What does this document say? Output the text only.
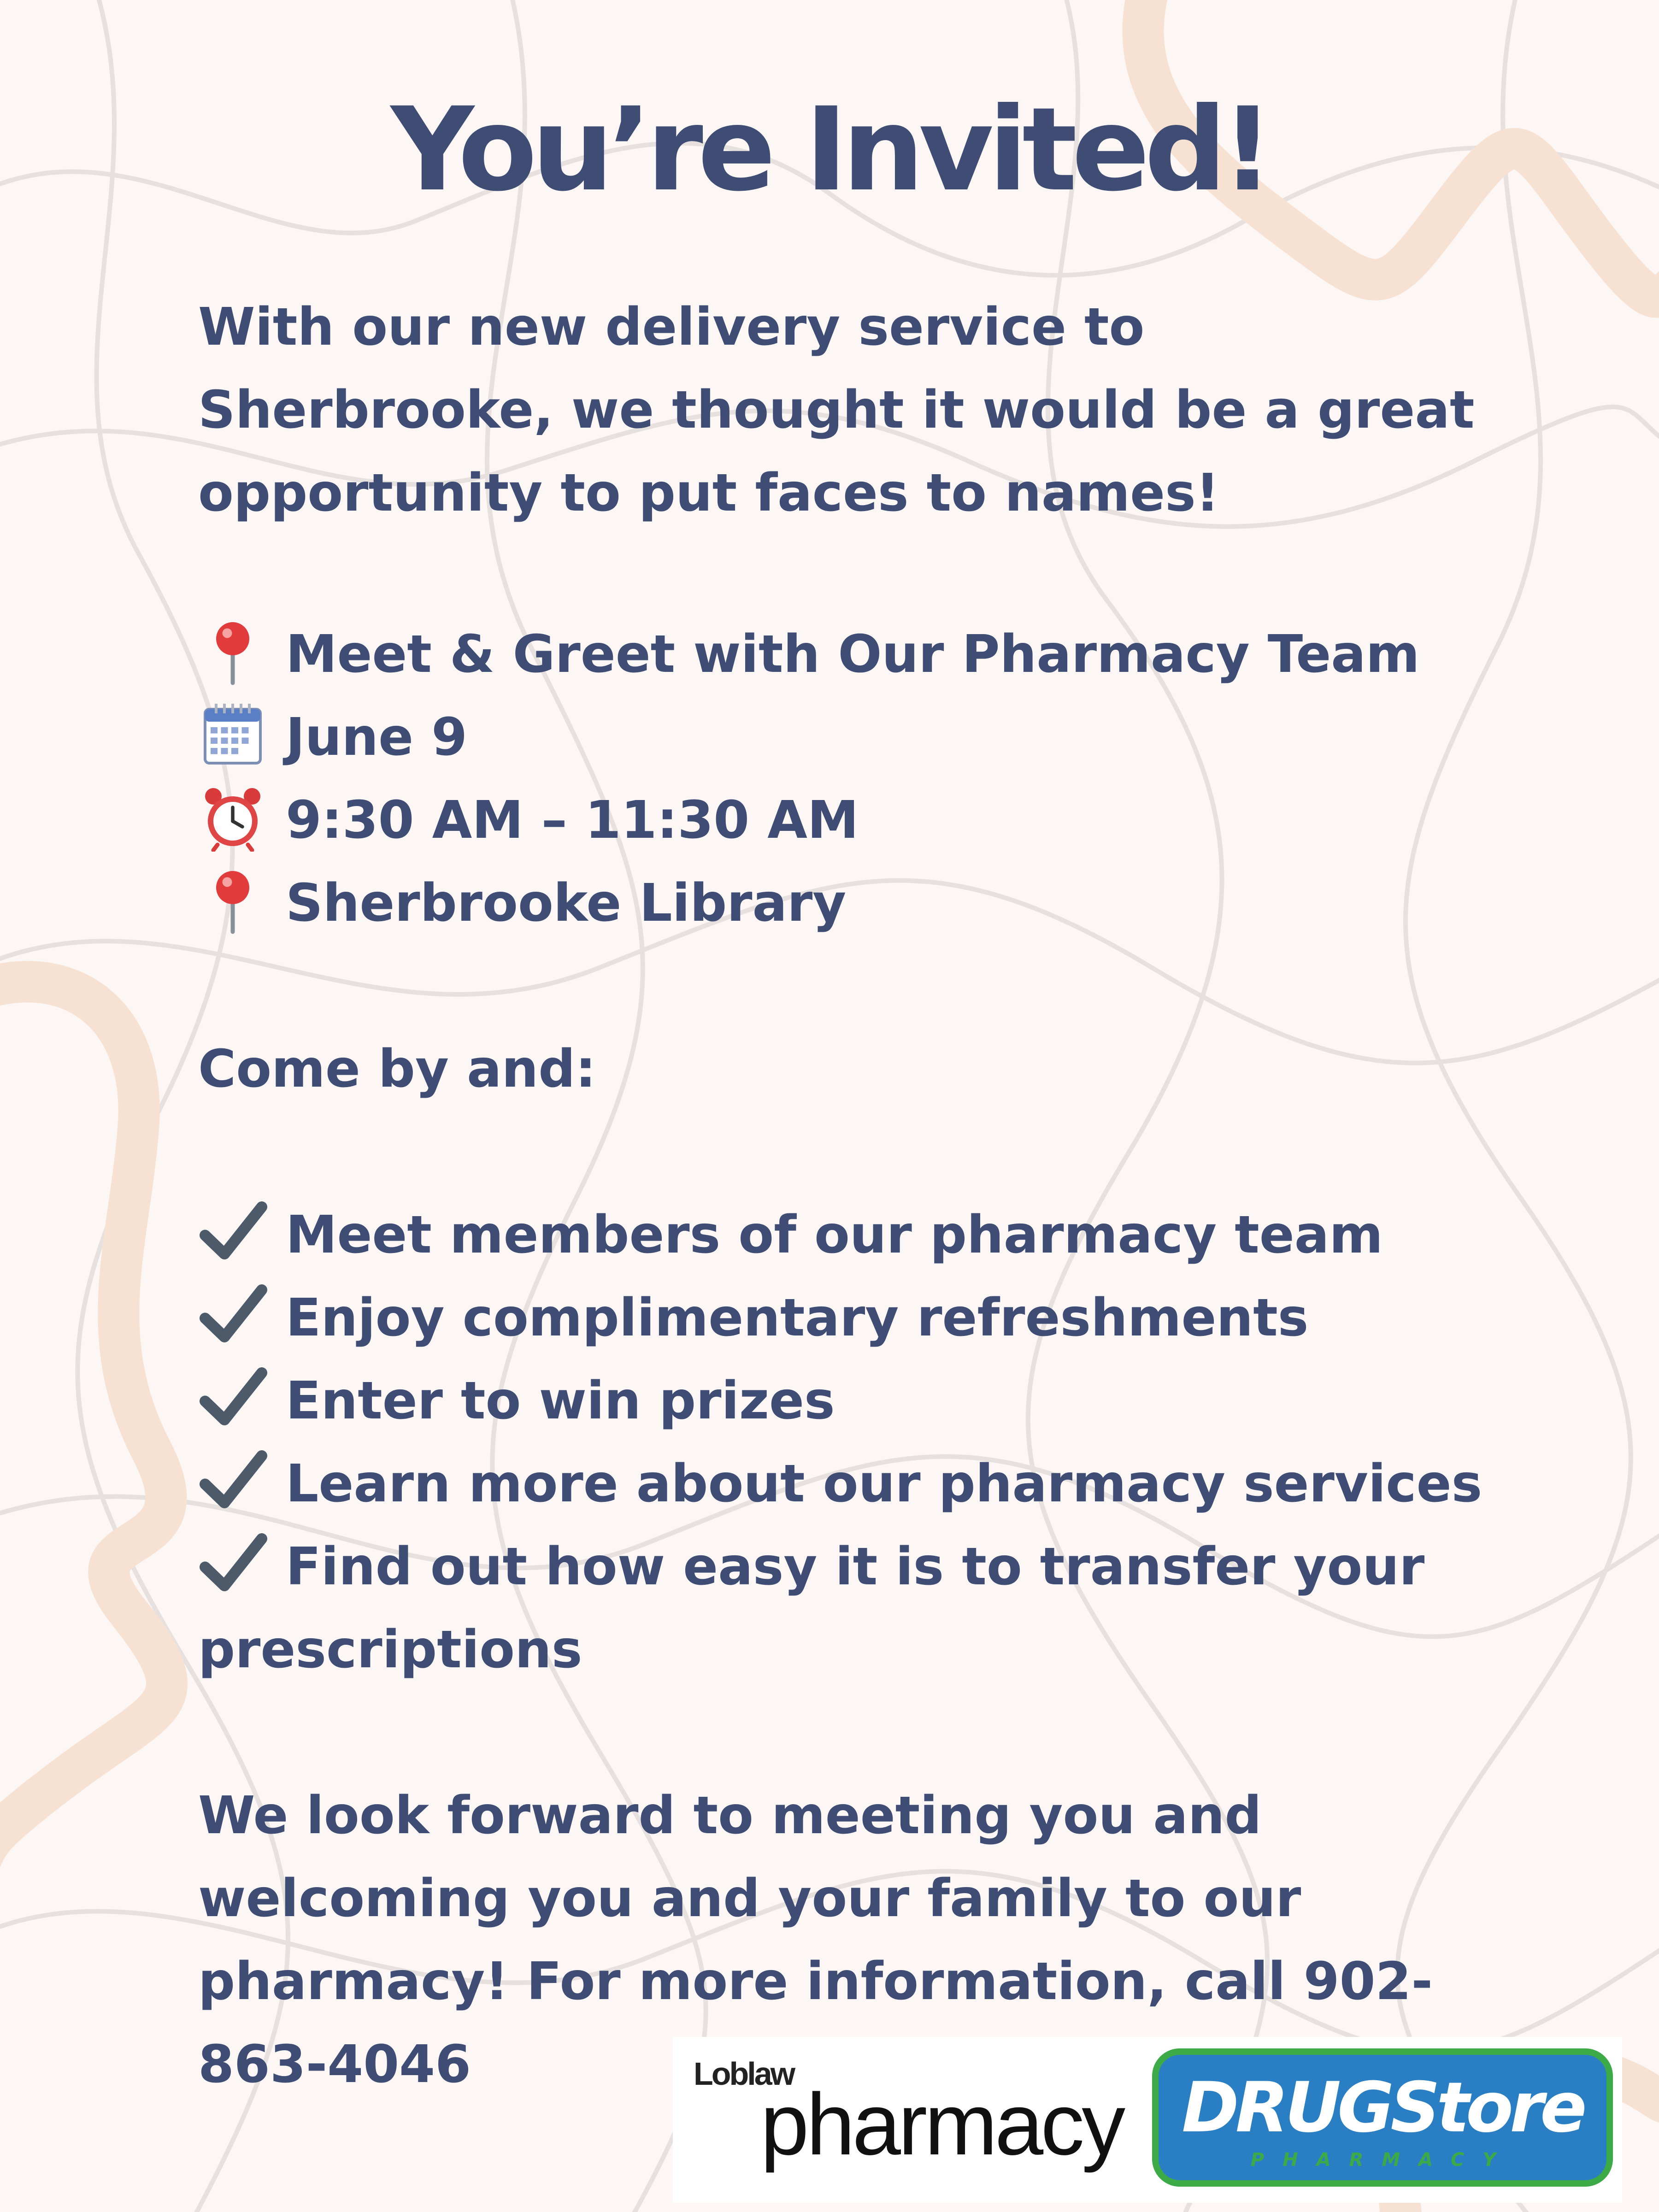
You’re Invited!
With our new delivery service to Sherbrooke, we thought it would be a great opportunity to put faces to names!
Meet & Greet with Our Pharmacy Team
June 9
9:30 AM – 11:30 AM
Sherbrooke Library
Come by and:
Meet members of our pharmacy team
Enjoy complimentary refreshments
Enter to win prizes
Learn more about our pharmacy services
Find out how easy it is to transfer your
prescriptions
We look forward to meeting you and welcoming you and your family to our pharmacy! For more information, call 902-863-4046	Loblaw
pharmacy DRUGStore
PHARMACY
